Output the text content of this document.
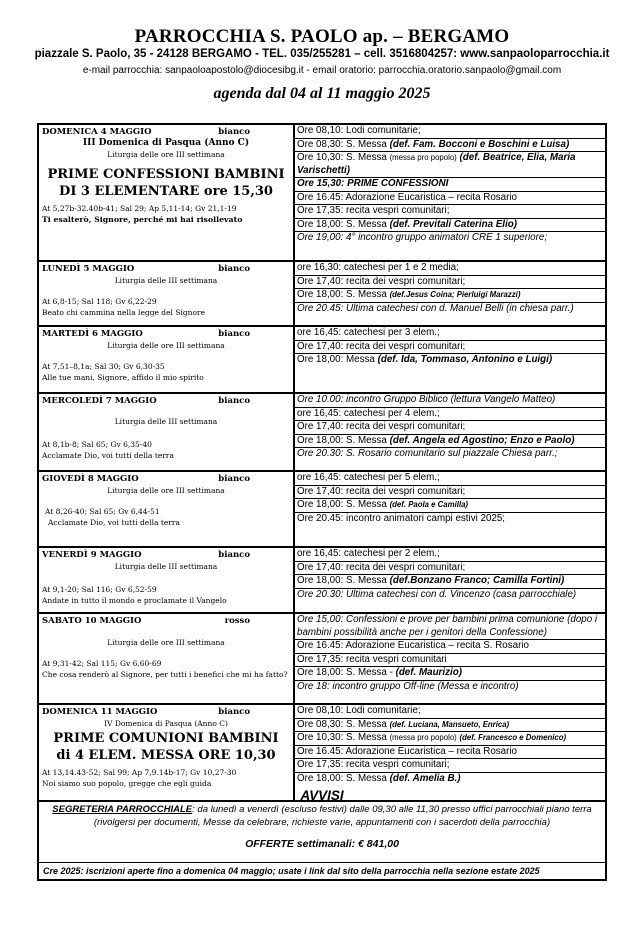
PARROCCHIA S. PAOLO ap. – BERGAMO
piazzale S. Paolo, 35 - 24128 BERGAMO - TEL. 035/255281 – cell. 3516804257: www.sanpaoloparrocchia.it
e-mail parrocchia: sanpaoloapostolo@diocesibg.it - email oratorio: parrocchia.oratorio.sanpaolo@gmail.com
agenda dal 04 al 11 maggio 2025
DOMENICA 4 MAGGIO	bianco
III Domenica di Pasqua (Anno C)
Liturgia delle ore III settimana
PRIME CONFESSIONI BAMBINI
DI 3 ELEMENTARE ore 15,30
At 5,27b-32.40b-41; Sal 29; Ap 5,11-14; Gv 21,1-19
Ti esalterò, Signore, perché mi hai risollevato
Ore 08,10: Lodi comunitarie;
Ore 08,30: S. Messa (def. Fam. Bocconi e Boschini e Luisa)
Ore 10,30: S. Messa (messa pro popolo) (def. Beatrice, Elia, Maria Varischetti)
Ore 15,30: PRIME CONFESSIONI
Ore 16.45: Adorazione Eucaristica – recita Rosario
Ore 17,35: recita vespri comunitari;
Ore 18,00: S. Messa (def. Previtali Caterina Elio)
Ore 19,00: 4° incontro gruppo animatori CRE 1 superiore;
LUNEDÌ 5 MAGGIO	bianco
Liturgia delle III settimana
At 6,8-15; Sal 118; Gv 6,22-29
Beato chi cammina nella legge del Signore
ore 16,30: catechesi per 1 e 2 media;
Ore 17,40: recita dei vespri comunitari;
Ore 18,00: S. Messa (def.Jesus Coina; Pierluigi Marazzi)
Ore 20.45: Ultima catechesi con d. Manuel Belli (in chiesa parr.)
MARTEDÌ 6 MAGGIO	bianco
Liturgia delle ore III settimana
At 7,51–8,1a; Sal 30; Gv 6,30-35
Alle tue mani, Signore, affido il mio spirito
ore 16,45: catechesi per 3 elem.;
Ore 17,40: recita dei vespri comunitari;
Ore 18,00: Messa (def. Ida, Tommaso, Antonino e Luigi)
MERCOLEDÌ 7 MAGGIO	bianco
Liturgia delle III settimana
At 8,1b-8; Sal 65; Gv 6,35-40
Acclamate Dio, voi tutti della terra
Ore 10.00: incontro Gruppo Biblico (lettura Vangelo Matteo)
ore 16,45: catechesi per 4 elem.;
Ore 17,40: recita dei vespri comunitari;
Ore 18,00: S. Messa (def. Angela ed Agostino; Enzo e Paolo)
Ore 20.30: S. Rosario comunitario sul piazzale Chiesa parr.;
GIOVEDÌ 8 MAGGIO	bianco
Liturgia delle ore III settimana
At 8,26-40; Sal 65; Gv 6,44-51
Acclamate Dio, voi tutti della terra
ore 16,45: catechesi per 5 elem.;
Ore 17,40: recita dei vespri comunitari;
Ore 18,00: S. Messa (def. Paola e Camilla)
Ore 20.45: incontro animatori campi estivi 2025;
VENERDÌ 9 MAGGIO	bianco
Liturgia delle III settimana
At 9,1-20; Sal 116; Gv 6,52-59
Andate in tutto il mondo e proclamate il Vangelo
ore 16,45: catechesi per 2 elem.;
Ore 17,40: recita dei vespri comunitari;
Ore 18,00: S. Messa (def.Bonzano Franco; Camilla Fortini)
Ore 20.30: Ultima catechesi con d. Vincenzo (casa parrocchiale)
SABATO 10 MAGGIO	rosso
Liturgia delle ore III settimana
At 9,31-42; Sal 115; Gv 6,60-69
Che cosa renderò al Signore, per tutti i benefici che mi ha fatto?
Ore 15,00: Confessioni e prove per bambini prima comunione (dopo i bambini possibilità anche per i genitori della Confessione)
Ore 16.45: Adorazione Eucaristica – recita S. Rosario
Ore 17,35: recita vespri comunitari
Ore 18,00: S. Messa - (def. Maurizio)
Ore 18: incontro gruppo Off-line (Messa e incontro)
DOMENICA 11 MAGGIO	bianco
IV Domenica di Pasqua (Anno C)
PRIME COMUNIONI BAMBINI
di 4 ELEM. MESSA ORE 10,30
At 13,14.43-52; Sal 99; Ap 7,9.14b-17; Gv 10,27-30
Noi siamo suo popolo, gregge che egli guida
Ore 08,10: Lodi comunitarie;
Ore 08,30: S. Messa (def. Luciana, Mansueto, Enrica)
Ore 10,30: S. Messa (messa pro popolo) (def. Francesco e Domenico)
Ore 16.45: Adorazione Eucaristica – recita Rosario
Ore 17,35: recita vespri comunitari;
Ore 18,00: S. Messa (def. Amelia B.)
AVVISI
SEGRETERIA PARROCCHIALE: da lunedì a venerdì (escluso festivi) dalle 09,30 alle 11,30 presso uffici parrocchiali piano terra (rivolgersi per documenti, Messe da celebrare, richieste varie, appuntamenti con i sacerdoti della parrocchia)
OFFERTE settimanali: € 841,00
Cre 2025: iscrizioni aperte fino a domenica 04 maggio; usate i link dal sito della parrocchia nella sezione estate 2025
